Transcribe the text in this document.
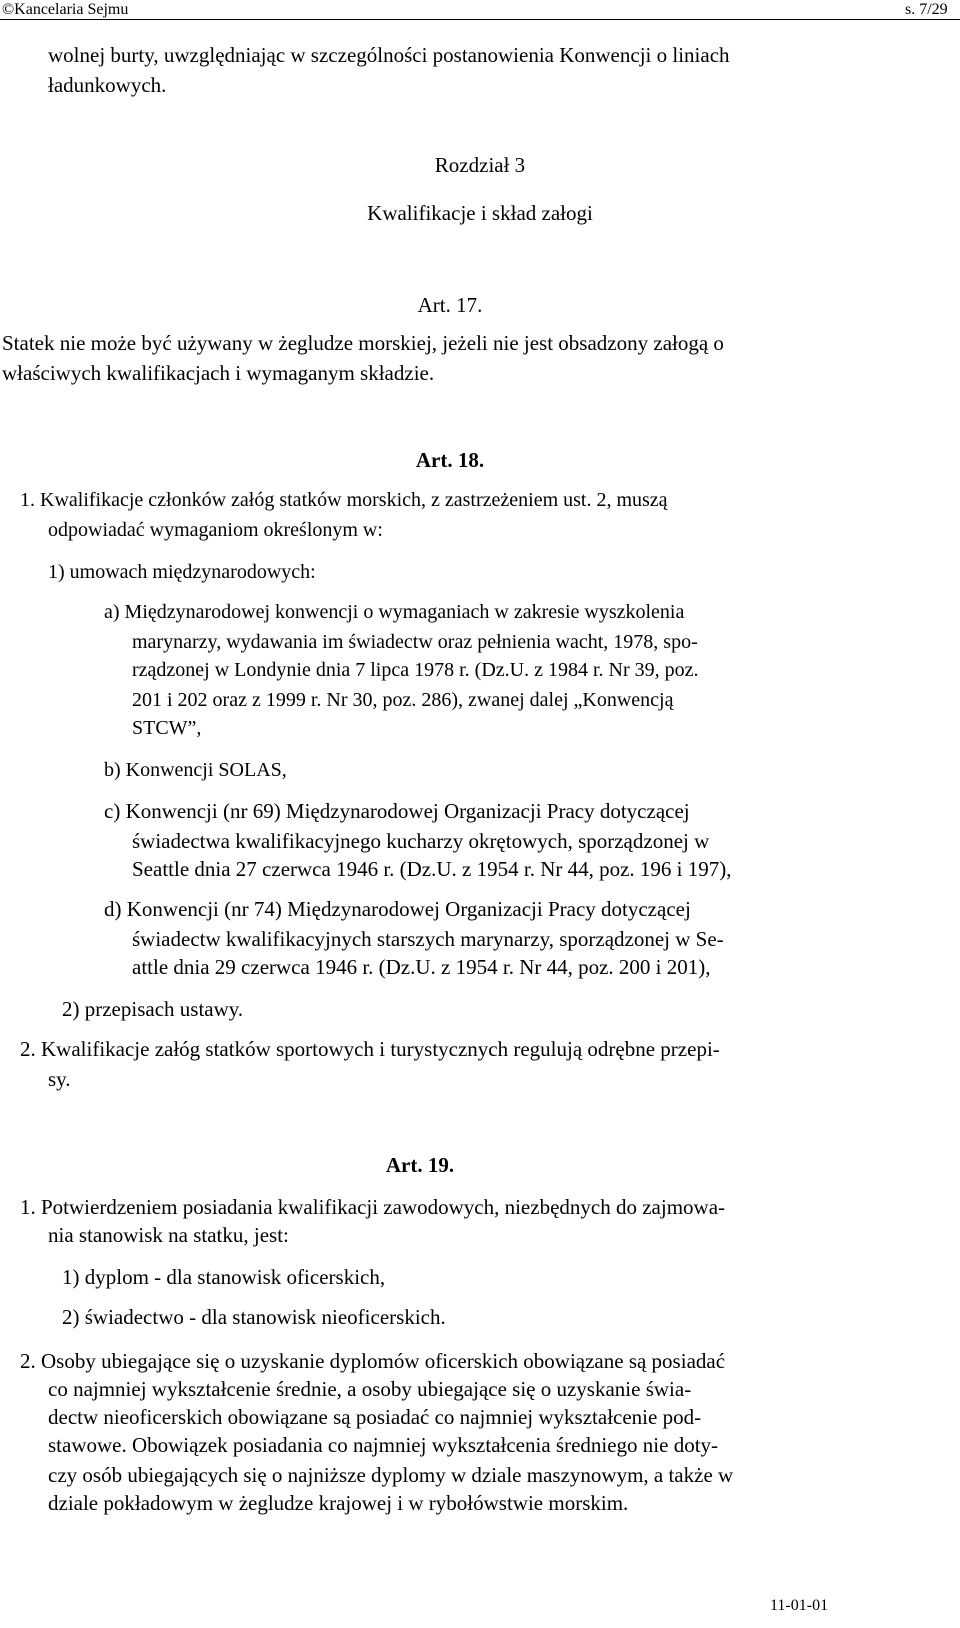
©Kancelaria Sejmu	s. 7/29
wolnej burty, uwzględniając w szczególności postanowienia Konwencji o liniach
ładunkowych.
Rozdział 3
Kwalifikacje i skład załogi
Art. 17.
Statek nie może być używany w żegludze morskiej, jeżeli nie jest obsadzony załogą o
właściwych kwalifikacjach i wymaganym składzie.
Art. 18.
1. Kwalifikacje członków załóg statków morskich, z zastrzeżeniem ust. 2, muszą
odpowiadać wymaganiom określonym w:
1) umowach międzynarodowych:
a) Międzynarodowej konwencji o wymaganiach w zakresie wyszkolenia
marynarzy, wydawania im świadectw oraz pełnienia wacht, 1978, spo-
rządzonej w Londynie dnia 7 lipca 1978 r. (Dz.U. z 1984 r. Nr 39, poz.
201 i 202 oraz z 1999 r. Nr 30, poz. 286), zwanej dalej „Konwencją
STCW”,
b) Konwencji SOLAS,
c) Konwencji (nr 69) Międzynarodowej Organizacji Pracy dotyczącej
świadectwa kwalifikacyjnego kucharzy okrętowych, sporządzonej w
Seattle dnia 27 czerwca 1946 r. (Dz.U. z 1954 r. Nr 44, poz. 196 i 197),
d) Konwencji (nr 74) Międzynarodowej Organizacji Pracy dotyczącej
świadectw kwalifikacyjnych starszych marynarzy, sporządzonej w Se-
attle dnia 29 czerwca 1946 r. (Dz.U. z 1954 r. Nr 44, poz. 200 i 201),
2) przepisach ustawy.
2. Kwalifikacje załóg statków sportowych i turystycznych regulują odrębne przepi-
sy.
Art. 19.
1. Potwierdzeniem posiadania kwalifikacji zawodowych, niezbędnych do zajmowa-
nia stanowisk na statku, jest:
1) dyplom - dla stanowisk oficerskich,
2) świadectwo - dla stanowisk nieoficerskich.
2. Osoby ubiegające się o uzyskanie dyplomów oficerskich obowiązane są posiadać
co najmniej wykształcenie średnie, a osoby ubiegające się o uzyskanie świa-
dectw nieoficerskich obowiązane są posiadać co najmniej wykształcenie pod-
stawowe. Obowiązek posiadania co najmniej wykształcenia średniego nie doty-
czy osób ubiegających się o najniższe dyplomy w dziale maszynowym, a także w
dziale pokładowym w żegludze krajowej i w rybołówstwie morskim.
11-01-01
